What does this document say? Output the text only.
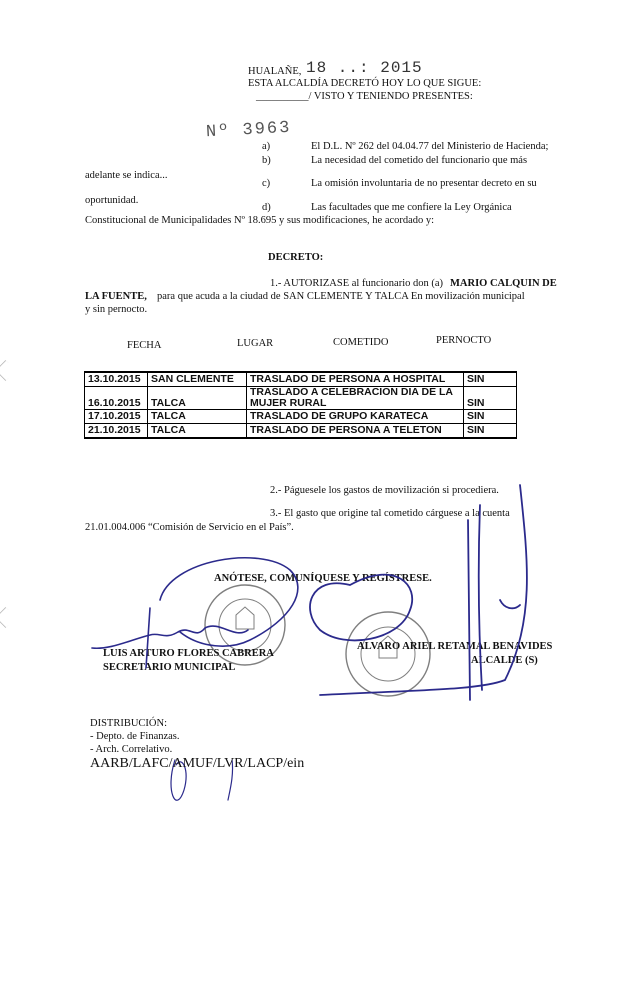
HUALAÑE, 18 ..: 2015
ESTA ALCALDÍA DECRETÓ HOY LO QUE SIGUE:
__________/ VISTO Y TENIENDO PRESENTES:
Nº 3963
a)	El D.L. Nº 262 del 04.04.77 del Ministerio de Hacienda;
b)	La necesidad del cometido del funcionario que más
adelante se indica...
c)	La omisión involuntaria de no presentar decreto en su
oportunidad.
d)	Las facultades que me confiere la Ley Orgánica
Constitucional de Municipalidades Nº 18.695 y sus modificaciones, he acordado y:
DECRETO:
1.- AUTORIZASE al funcionario don (a) MARIO CALQUIN DE
LA FUENTE, para que acuda a la ciudad de SAN CLEMENTE Y TALCA En movilización municipal
y sin pernocto.
FECHA	LUGAR	COMETIDO	PERNOCTO
13.10.2015	SAN CLEMENTE	TRASLADO DE PERSONA A HOSPITAL	SIN
16.10.2015	TALCA	TRASLADO A CELEBRACION DIA DE LA MUJER RURAL	SIN
17.10.2015	TALCA	TRASLADO DE GRUPO KARATECA	SIN
21.10.2015	TALCA	TRASLADO DE PERSONA A TELETON	SIN
2.- Páguesele los gastos de movilización si procediera.
3.- El gasto que origine tal cometido cárguese a la cuenta
21.01.004.006 “Comisión de Servicio en el País”.
ANÓTESE, COMUNÍQUESE Y REGÍSTRESE.
LUIS ARTURO FLORES CABRERA
SECRETARIO MUNICIPAL
ALVARO ARIEL RETAMAL BENAVIDES
ALCALDE (S)
DISTRIBUCIÓN:
- Depto. de Finanzas.
- Arch. Correlativo.
AARB/LAFC/AMUF/LVR/LACP/ein
